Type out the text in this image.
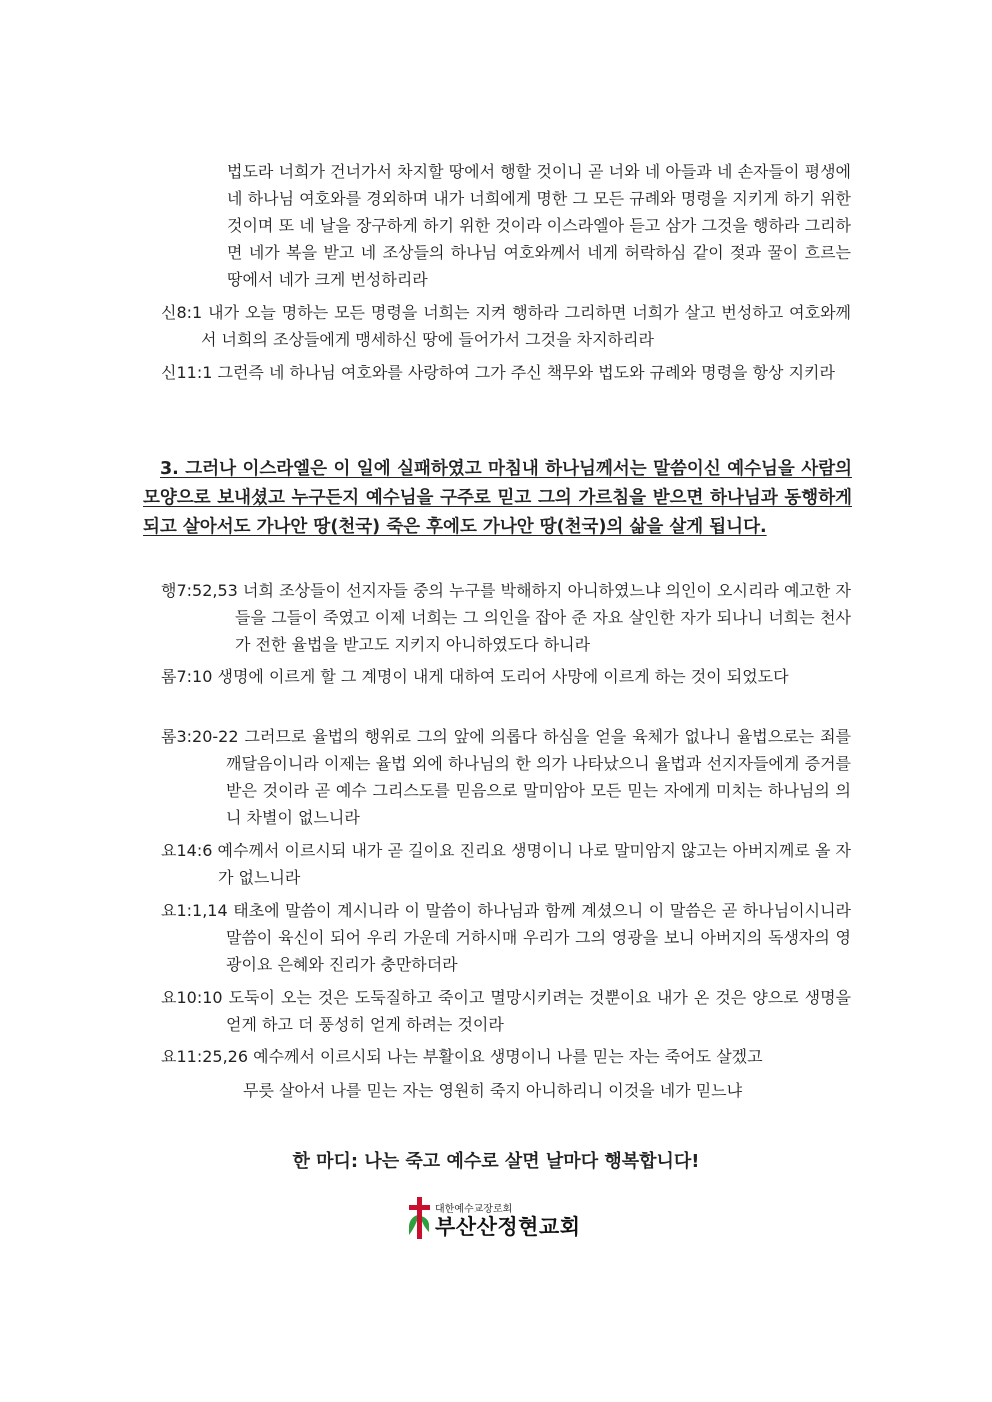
법도라 너희가 건너가서 차지할 땅에서 행할 것이니 곧 너와 네 아들과 네 손자들이 평생에 네 하나님 여호와를 경외하며 내가 너희에게 명한 그 모든 규례와 명령을 지키게 하기 위한 것이며 또 네 날을 장구하게 하기 위한 것이라 이스라엘아 듣고 삼가 그것을 행하라 그리하면 네가 복을 받고 네 조상들의 하나님 여호와께서 네게 허락하심 같이 젖과 꿀이 흐르는 땅에서 네가 크게 번성하리라

신8:1 내가 오늘 명하는 모든 명령을 너희는 지켜 행하라 그리하면 너희가 살고 번성하고 여호와께서 너희의 조상들에게 맹세하신 땅에 들어가서 그것을 차지하리라

신11:1 그런즉 네 하나님 여호와를 사랑하여 그가 주신 책무와 법도와 규례와 명령을 항상 지키라

3. 그러나 이스라엘은 이 일에 실패하였고 마침내 하나님께서는 말씀이신 예수님을 사람의 모양으로 보내셨고 누구든지 예수님을 구주로 믿고 그의 가르침을 받으면 하나님과 동행하게 되고 살아서도 가나안 땅(천국) 죽은 후에도 가나안 땅(천국)의 삶을 살게 됩니다.

행7:52,53 너희 조상들이 선지자들 중의 누구를 박해하지 아니하였느냐 의인이 오시리라 예고한 자들을 그들이 죽였고 이제 너희는 그 의인을 잡아 준 자요 살인한 자가 되나니 너희는 천사가 전한 율법을 받고도 지키지 아니하였도다 하니라

롬7:10 생명에 이르게 할 그 계명이 내게 대하여 도리어 사망에 이르게 하는 것이 되었도다

롬3:20-22 그러므로 율법의 행위로 그의 앞에 의롭다 하심을 얻을 육체가 없나니 율법으로는 죄를 깨달음이니라 이제는 율법 외에 하나님의 한 의가 나타났으니 율법과 선지자들에게 증거를 받은 것이라 곧 예수 그리스도를 믿음으로 말미암아 모든 믿는 자에게 미치는 하나님의 의니 차별이 없느니라

요14:6 예수께서 이르시되 내가 곧 길이요 진리요 생명이니 나로 말미암지 않고는 아버지께로 올 자가 없느니라

요1:1,14 태초에 말씀이 계시니라 이 말씀이 하나님과 함께 계셨으니 이 말씀은 곧 하나님이시니라 말씀이 육신이 되어 우리 가운데 거하시매 우리가 그의 영광을 보니 아버지의 독생자의 영광이요 은혜와 진리가 충만하더라

요10:10 도둑이 오는 것은 도둑질하고 죽이고 멸망시키려는 것뿐이요 내가 온 것은 양으로 생명을 얻게 하고 더 풍성히 얻게 하려는 것이라

요11:25,26 예수께서 이르시되 나는 부활이요 생명이니 나를 믿는 자는 죽어도 살겠고

무릇 살아서 나를 믿는 자는 영원히 죽지 아니하리니 이것을 네가 믿느냐

한 마디: 나는 죽고 예수로 살면 날마다 행복합니다!

대한예수교장로회
부산산정현교회
